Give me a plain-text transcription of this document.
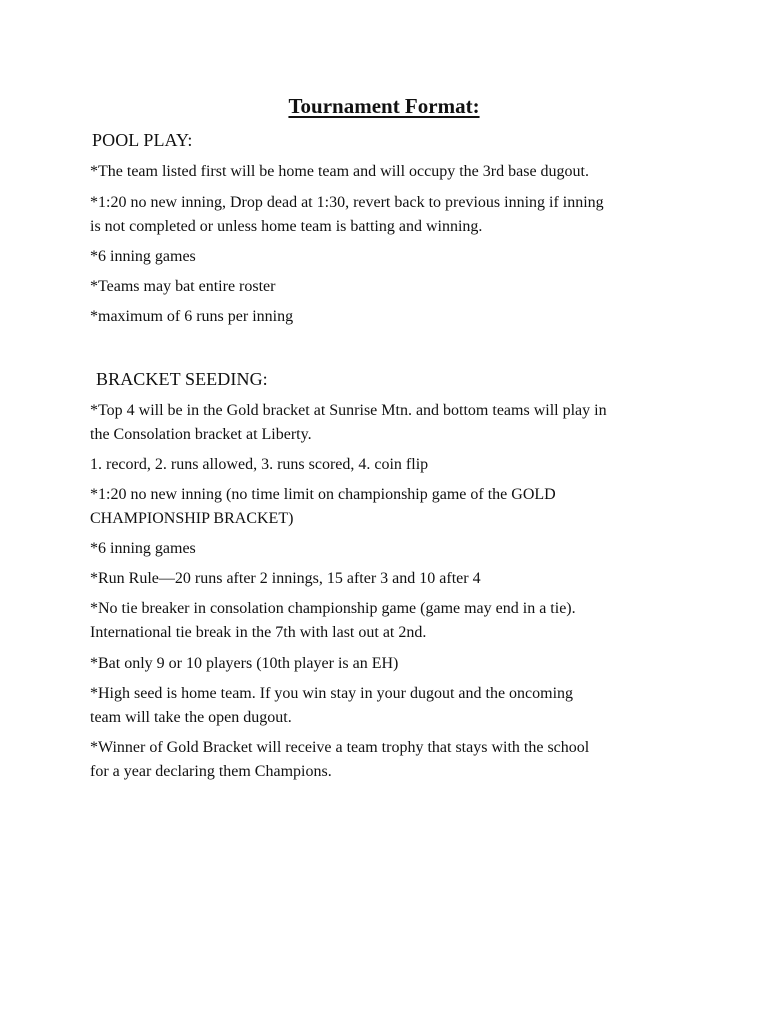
Tournament Format:
POOL PLAY:
*The team listed first will be home team and will occupy the 3rd base dugout.
*1:20 no new inning, Drop dead at 1:30, revert back to previous inning if inning
is not completed or unless home team is batting and winning.
*6 inning games
*Teams may bat entire roster
*maximum of 6 runs per inning
BRACKET SEEDING:
*Top 4 will be in the Gold bracket at Sunrise Mtn. and bottom teams will play in
the Consolation bracket at Liberty.
1. record, 2. runs allowed, 3. runs scored, 4. coin flip
*1:20 no new inning (no time limit on championship game of the GOLD
CHAMPIONSHIP BRACKET)
*6 inning games
*Run Rule—20 runs after 2 innings, 15 after 3 and 10 after 4
*No tie breaker in consolation championship game (game may end in a tie).
International tie break in the 7th with last out at 2nd.
*Bat only 9 or 10 players (10th player is an EH)
*High seed is home team. If you win stay in your dugout and the oncoming
team will take the open dugout.
*Winner of Gold Bracket will receive a team trophy that stays with the school
for a year declaring them Champions.
